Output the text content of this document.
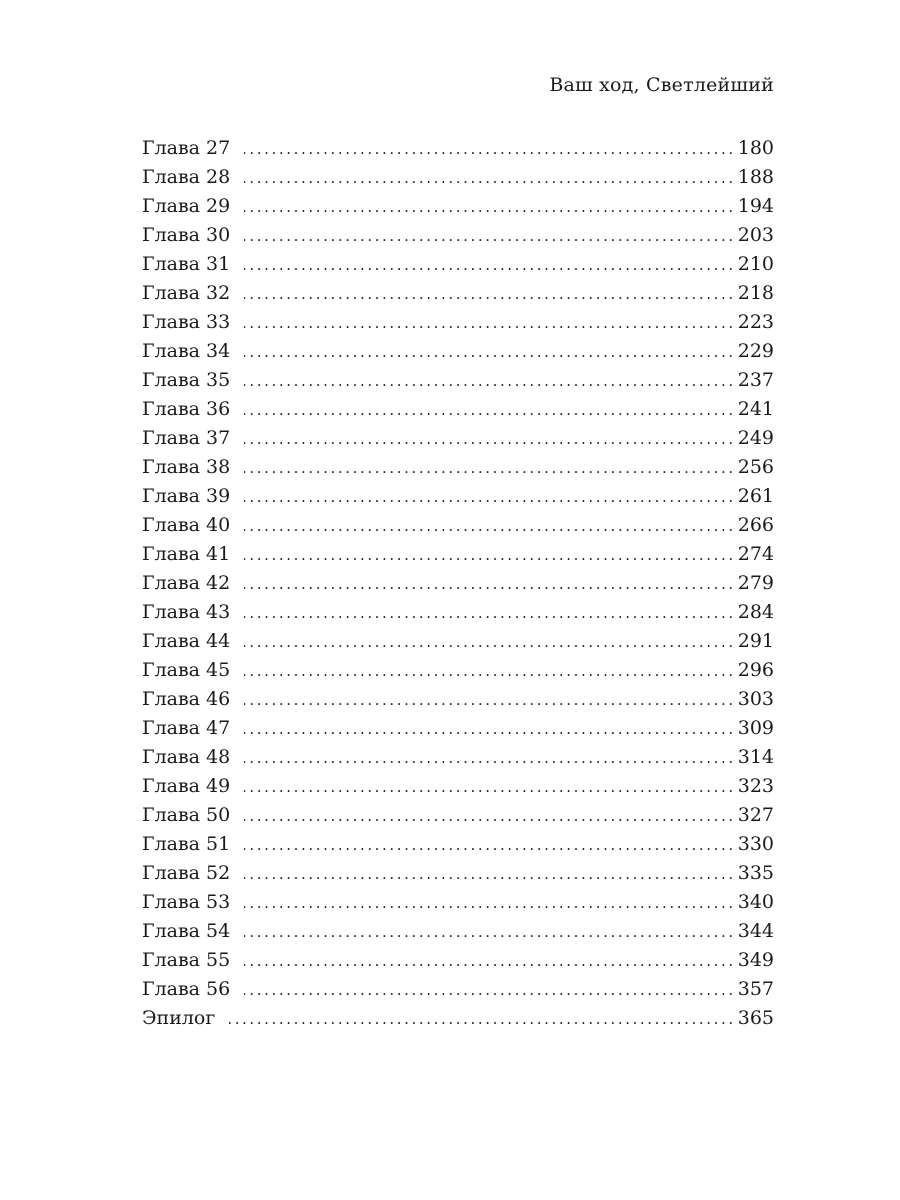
Ваш ход, Светлейший
Глава 27 .....	180
Глава 28 .....	188
Глава 29 .....	194
Глава 30 .....	203
Глава 31 .....	210
Глава 32 .....	218
Глава 33 .....	223
Глава 34 .....	229
Глава 35 .....	237
Глава 36 .....	241
Глава 37 .....	249
Глава 38 .....	256
Глава 39 .....	261
Глава 40 .....	266
Глава 41 .....	274
Глава 42 .....	279
Глава 43 .....	284
Глава 44 .....	291
Глава 45 .....	296
Глава 46 .....	303
Глава 47 .....	309
Глава 48 .....	314
Глава 49 .....	323
Глава 50 .....	327
Глава 51 .....	330
Глава 52 .....	335
Глава 53 .....	340
Глава 54 .....	344
Глава 55 .....	349
Глава 56 .....	357
Эпилог .....	365
